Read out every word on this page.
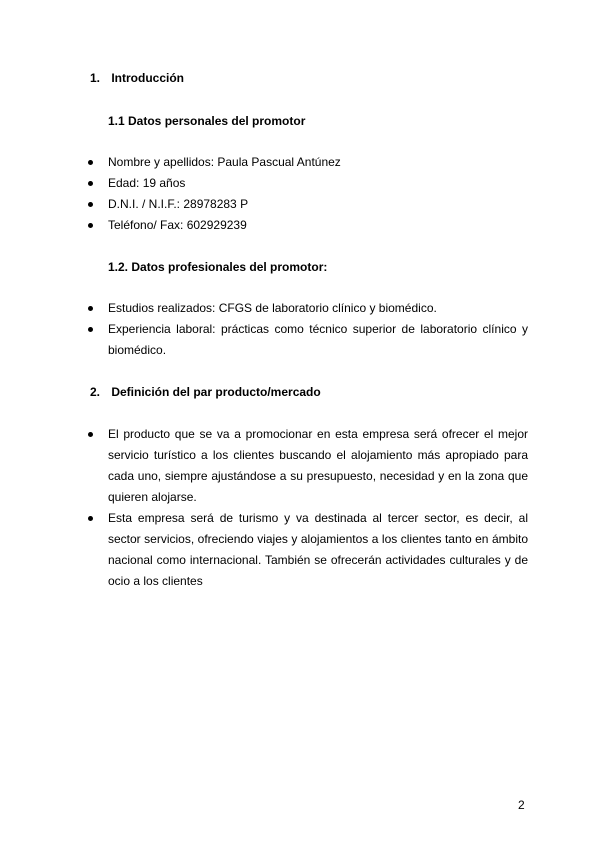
1. Introducción
1.1 Datos personales del promotor
Nombre y apellidos: Paula Pascual Antúnez
Edad: 19 años
D.N.I. / N.I.F.: 28978283 P
Teléfono/ Fax: 602929239
1.2. Datos profesionales del promotor:
Estudios realizados: CFGS de laboratorio clínico y biomédico.
Experiencia laboral: prácticas como técnico superior de laboratorio clínico y biomédico.
2. Definición del par producto/mercado
El producto que se va a promocionar en esta empresa será ofrecer el mejor servicio turístico a los clientes buscando el alojamiento más apropiado para cada uno, siempre ajustándose a su presupuesto, necesidad y en la zona que quieren alojarse.
Esta empresa será de turismo y va destinada al tercer sector, es decir, al sector servicios, ofreciendo viajes y alojamientos a los clientes tanto en ámbito nacional como internacional. También se ofrecerán actividades culturales y de ocio a los clientes
2
